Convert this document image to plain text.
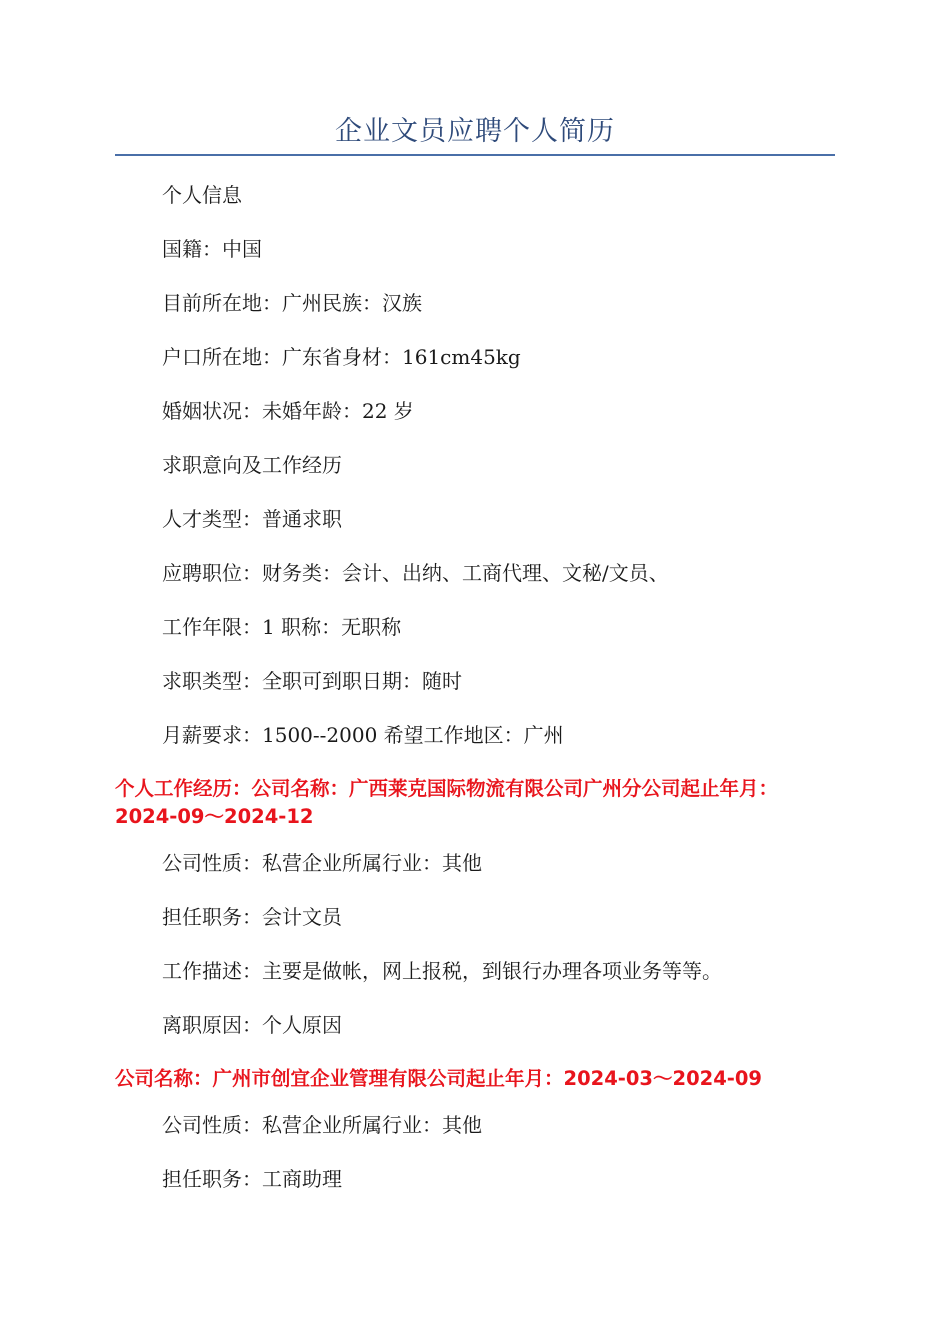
企业文员应聘个人简历
个人信息
国籍：中国
目前所在地：广州民族：汉族
户口所在地：广东省身材：161cm45kg
婚姻状况：未婚年龄：22 岁
求职意向及工作经历
人才类型：普通求职
应聘职位：财务类：会计、出纳、工商代理、文秘/文员、
工作年限：1 职称：无职称
求职类型：全职可到职日期：随时
月薪要求：1500--2000 希望工作地区：广州
个人工作经历：公司名称：广西莱克国际物流有限公司广州分公司起止年月：2024-09～2024-12
公司性质：私营企业所属行业：其他
担任职务：会计文员
工作描述：主要是做帐，网上报税，到银行办理各项业务等等。
离职原因：个人原因
公司名称：广州市创宜企业管理有限公司起止年月：2024-03～2024-09
公司性质：私营企业所属行业：其他
担任职务：工商助理
